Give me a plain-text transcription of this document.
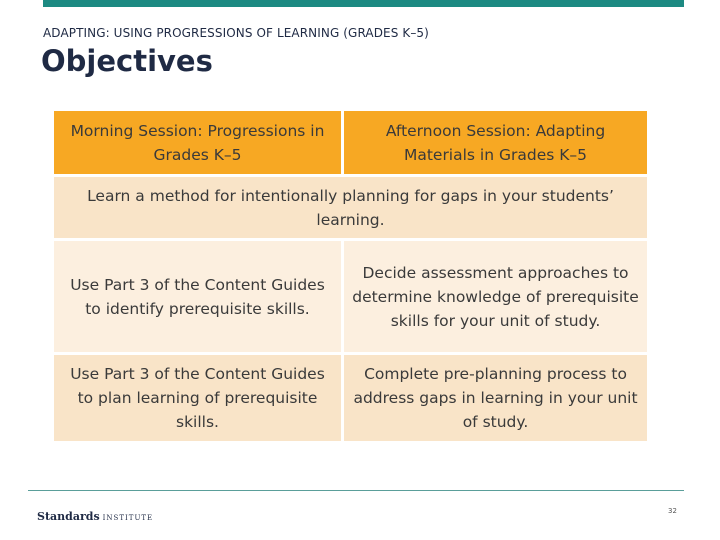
ADAPTING: USING PROGRESSIONS OF LEARNING (GRADES K–5)
Objectives
Morning Session: Progressions in Grades K–5	Afternoon Session: Adapting Materials in Grades K–5
Learn a method for intentionally planning for gaps in your students’ learning.	
Use Part 3 of the Content Guides to identify prerequisite skills.	Decide assessment approaches to determine knowledge of prerequisite skills for your unit of study.
Use Part 3 of the Content Guides to plan learning of prerequisite skills.	Complete pre-planning process to address gaps in learning in your unit of study.
Standards INSTITUTE
32
